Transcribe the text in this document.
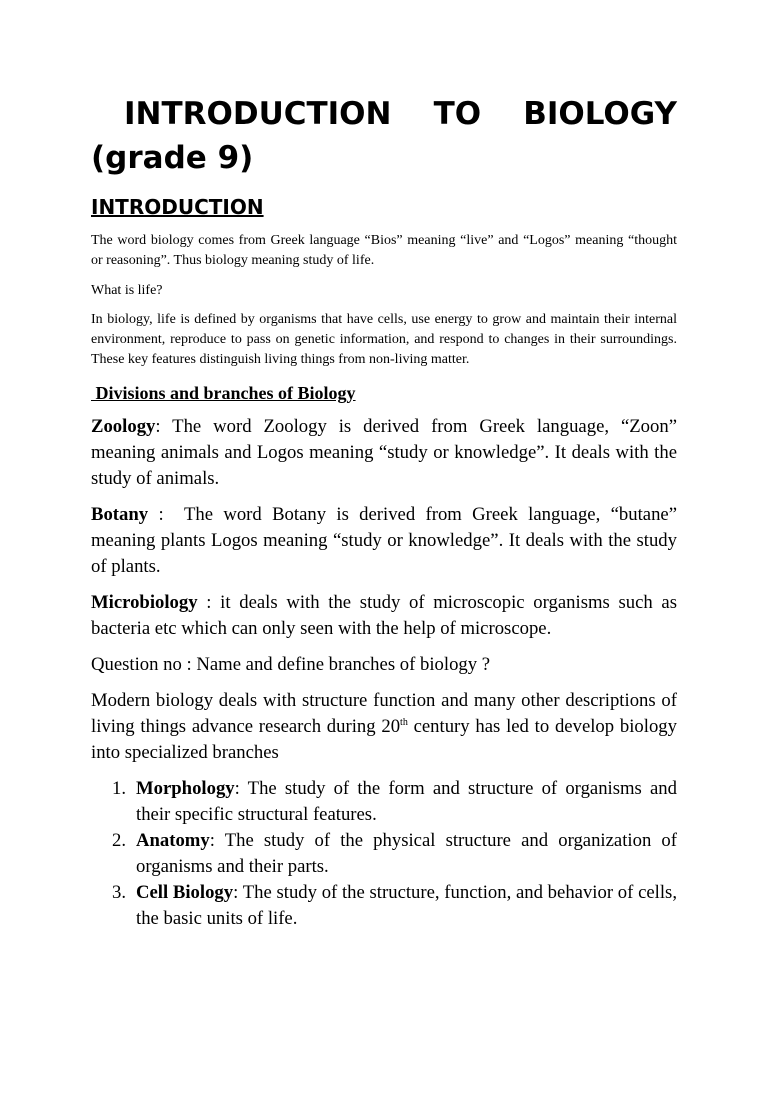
INTRODUCTION TO BIOLOGY
(grade 9)
INTRODUCTION

The word biology comes from Greek language “Bios” meaning “live” and “Logos” meaning “thought or reasoning”. Thus biology meaning study of life.

What is life?

In biology, life is defined by organisms that have cells, use energy to grow and maintain their internal environment, reproduce to pass on genetic information, and respond to changes in their surroundings. These key features distinguish living things from non-living matter.

Divisions and branches of Biology

Zoology: The word Zoology is derived from Greek language, “Zoon” meaning animals and Logos meaning “study or knowledge”. It deals with the study of animals.

Botany :  The word Botany is derived from Greek language, “butane” meaning plants Logos meaning “study or knowledge”. It deals with the study of plants.

Microbiology : it deals with the study of microscopic organisms such as bacteria etc which can only seen with the help of microscope.

Question no : Name and define branches of biology ?

Modern biology deals with structure function and many other descriptions of living things advance research during 20th century has led to develop biology into specialized branches

1. Morphology: The study of the form and structure of organisms and their specific structural features.
2. Anatomy: The study of the physical structure and organization of organisms and their parts.
3. Cell Biology: The study of the structure, function, and behavior of cells, the basic units of life.
